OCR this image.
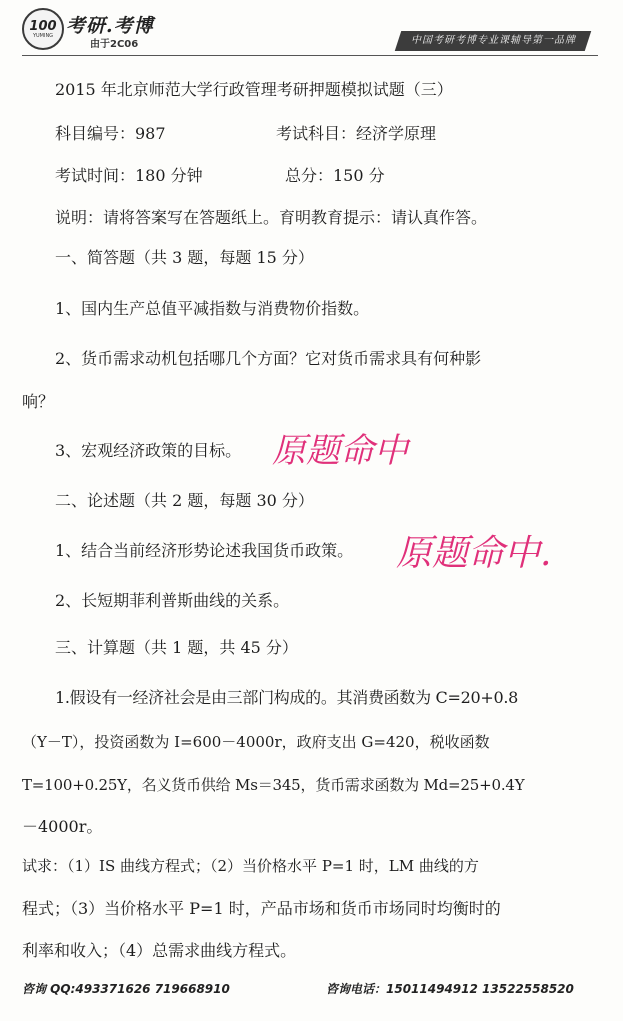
100
YUMING 考研.考博
由于2C06	中国考研考博专业课辅导第一品牌
2015 年北京师范大学行政管理考研押题模拟试题（三）
科目编号：987	考试科目：经济学原理
考试时间：180 分钟	总分：150 分
说明：请将答案写在答题纸上。育明教育提示：请认真作答。
一、简答题（共 3 题，每题 15 分）
1、国内生产总值平减指数与消费物价指数。
2、货币需求动机包括哪几个方面？它对货币需求具有何种影
响？
3、宏观经济政策的目标。 原题命中
二、论述题（共 2 题，每题 30 分）
1、结合当前经济形势论述我国货币政策。 原题命中.
2、长短期菲利普斯曲线的关系。
三、计算题（共 1 题，共 45 分）
1.假设有一经济社会是由三部门构成的。其消费函数为 C=20+0.8
（Y－T），投资函数为 I=600－4000r，政府支出 G=420，税收函数
T=100+0.25Y，名义货币供给 Ms＝345，货币需求函数为 Md=25+0.4Y
－4000r。
试求：（1）IS 曲线方程式；（2）当价格水平 P=1 时，LM 曲线的方
程式；（3）当价格水平 P=1 时，产品市场和货币市场同时均衡时的
利率和收入；（4）总需求曲线方程式。
咨询 QQ:493371626 719668910	咨询电话：15011494912 13522558520
